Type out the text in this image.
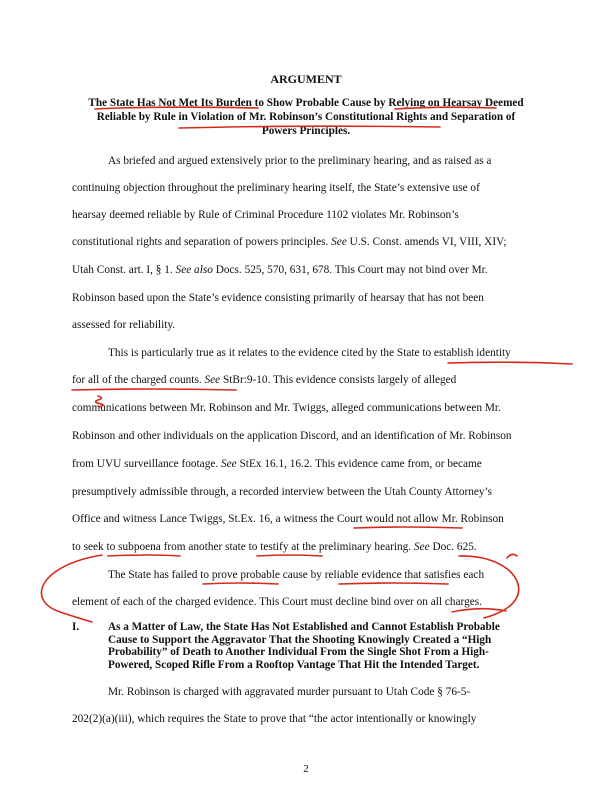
ARGUMENT
The State Has Not Met Its Burden to Show Probable Cause by Relying on Hearsay Deemed
Reliable by Rule in Violation of Mr. Robinson’s Constitutional Rights and Separation of
Powers Principles.
As briefed and argued extensively prior to the preliminary hearing, and as raised as a
continuing objection throughout the preliminary hearing itself, the State’s extensive use of
hearsay deemed reliable by Rule of Criminal Procedure 1102 violates Mr. Robinson’s
constitutional rights and separation of powers principles. See U.S. Const. amends VI, VIII, XIV;
Utah Const. art. I, § 1. See also Docs. 525, 570, 631, 678. This Court may not bind over Mr.
Robinson based upon the State’s evidence consisting primarily of hearsay that has not been
assessed for reliability.
This is particularly true as it relates to the evidence cited by the State to establish identity
for all of the charged counts. See StBr:9-10. This evidence consists largely of alleged
communications between Mr. Robinson and Mr. Twiggs, alleged communications between Mr.
Robinson and other individuals on the application Discord, and an identification of Mr. Robinson
from UVU surveillance footage. See StEx 16.1, 16.2. This evidence came from, or became
presumptively admissible through, a recorded interview between the Utah County Attorney’s
Office and witness Lance Twiggs, St.Ex. 16, a witness the Court would not allow Mr. Robinson
to seek to subpoena from another state to testify at the preliminary hearing. See Doc. 625.
The State has failed to prove probable cause by reliable evidence that satisfies each
element of each of the charged evidence. This Court must decline bind over on all charges.
I.	As a Matter of Law, the State Has Not Established and Cannot Establish Probable
Cause to Support the Aggravator That the Shooting Knowingly Created a “High
Probability” of Death to Another Individual From the Single Shot From a High-
Powered, Scoped Rifle From a Rooftop Vantage That Hit the Intended Target.
Mr. Robinson is charged with aggravated murder pursuant to Utah Code § 76-5-
202(2)(a)(iii), which requires the State to prove that “the actor intentionally or knowingly
2
